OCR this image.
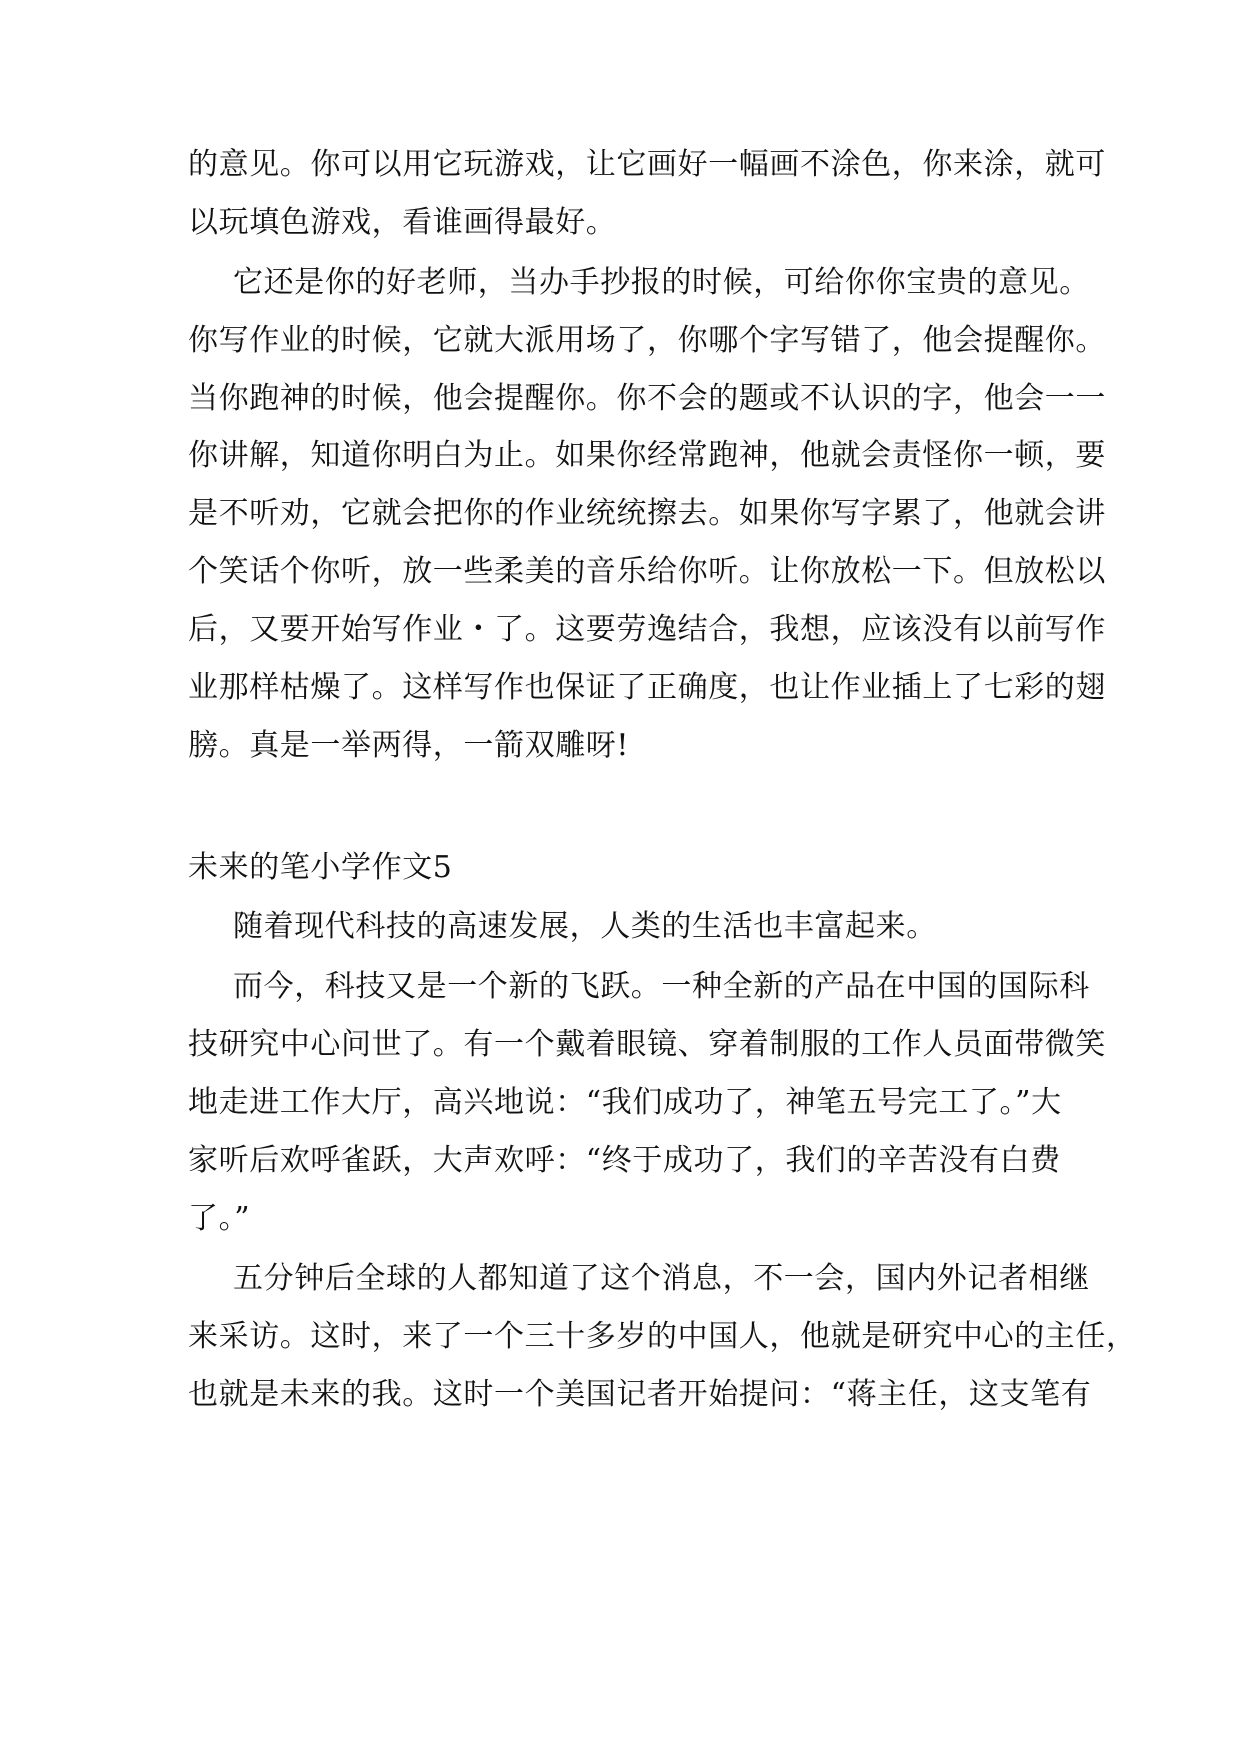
的意见。你可以用它玩游戏，让它画好一幅画不涂色，你来涂，就可
以玩填色游戏，看谁画得最好。
它还是你的好老师，当办手抄报的时候，可给你你宝贵的意见。
你写作业的时候，它就大派用场了，你哪个字写错了，他会提醒你。
当你跑神的时候，他会提醒你。你不会的题或不认识的字，他会一一
你讲解，知道你明白为止。如果你经常跑神，他就会责怪你一顿，要
是不听劝，它就会把你的作业统统擦去。如果你写字累了，他就会讲
个笑话个你听，放一些柔美的音乐给你听。让你放松一下。但放松以
后，又要开始写作业・了。这要劳逸结合，我想，应该没有以前写作
业那样枯燥了。这样写作也保证了正确度，也让作业插上了七彩的翅
膀。真是一举两得，一箭双雕呀!
未来的笔小学作文5
随着现代科技的高速发展，人类的生活也丰富起来。
而今，科技又是一个新的飞跃。一种全新的产品在中国的国际科
技研究中心问世了。有一个戴着眼镜、穿着制服的工作人员面带微笑
地走进工作大厅，高兴地说：“我们成功了，神笔五号完工了。”大
家听后欢呼雀跃，大声欢呼：“终于成功了，我们的辛苦没有白费
了。”
五分钟后全球的人都知道了这个消息，不一会，国内外记者相继
来采访。这时，来了一个三十多岁的中国人，他就是研究中心的主任，
也就是未来的我。这时一个美国记者开始提问：“蒋主任，这支笔有
